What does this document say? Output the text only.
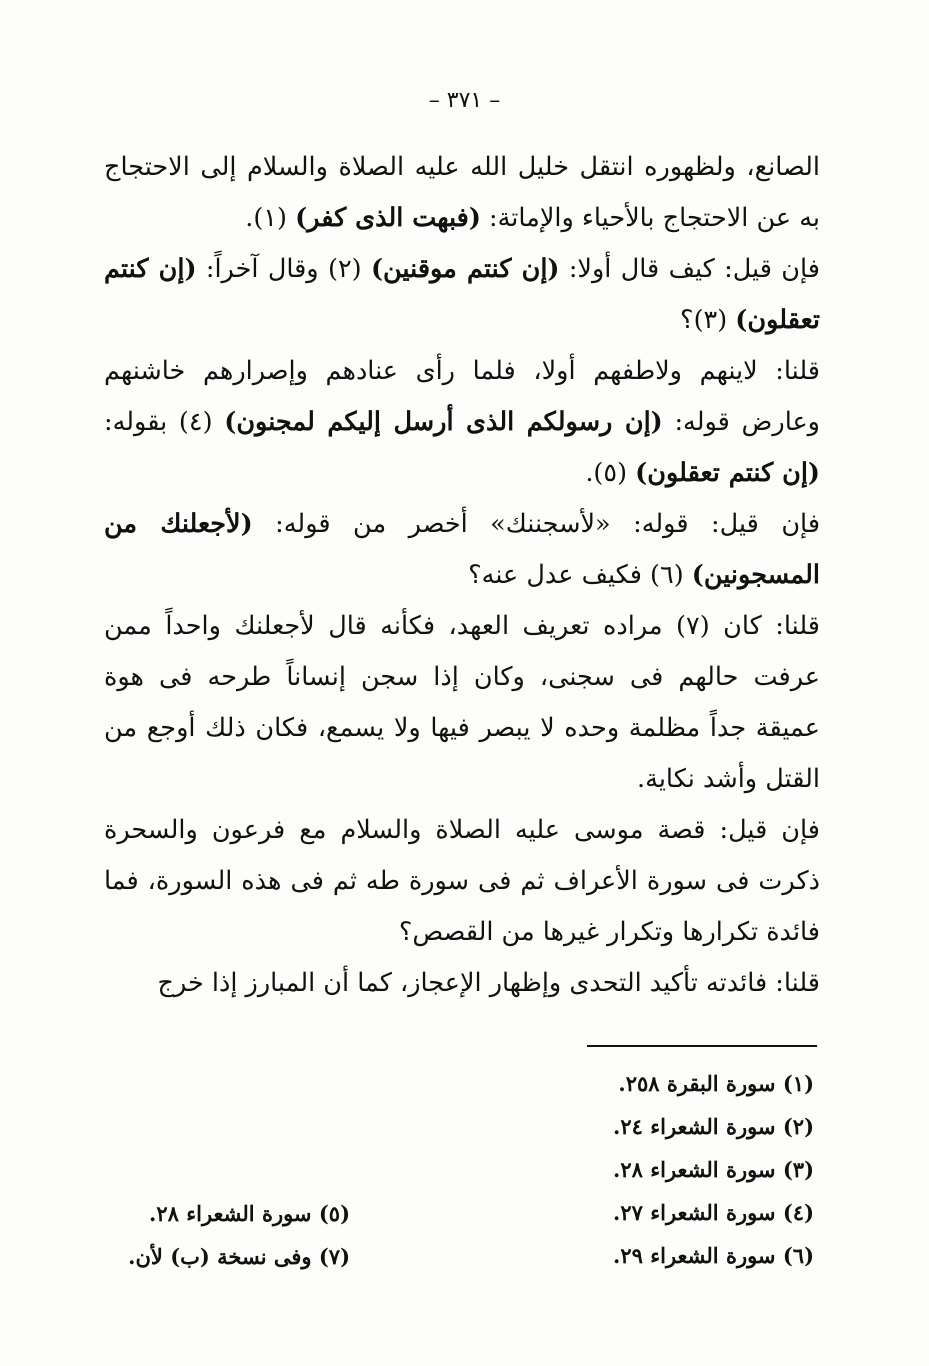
– ٣٧١ –

الصانع، ولظهوره انتقل خليل الله عليه الصلاة والسلام إلى الاحتجاج به عن الاحتجاج بالأحياء والإماتة: (فبهت الذى كفر) (١).

فإن قيل: كيف قال أولا: (إن كنتم موقنين) (٢) وقال آخراً: (إن كنتم تعقلون) (٣)؟

قلنا: لاينهم ولاطفهم أولا، فلما رأى عنادهم وإصرارهم خاشنهم وعارض قوله: (إن رسولكم الذى أرسل إليكم لمجنون) (٤) بقوله: (إن كنتم تعقلون) (٥).

فإن قيل: قوله: «لأسجننك» أخصر من قوله: (لأجعلنك من المسجونين) (٦) فكيف عدل عنه؟

قلنا: كان (٧) مراده تعريف العهد، فكأنه قال لأجعلنك واحداً ممن عرفت حالهم فى سجنى، وكان إذا سجن إنساناً طرحه فى هوة عميقة جداً مظلمة وحده لا يبصر فيها ولا يسمع، فكان ذلك أوجع من القتل وأشد نكاية.

فإن قيل: قصة موسى عليه الصلاة والسلام مع فرعون والسحرة ذكرت فى سورة الأعراف ثم فى سورة طه ثم فى هذه السورة، فما فائدة تكرارها وتكرار غيرها من القصص؟

قلنا: فائدته تأكيد التحدى وإظهار الإعجاز، كما أن المبارز إذا خرج

(١) سورة البقرة ٢٥٨.
(٢) سورة الشعراء ٢٤.
(٣) سورة الشعراء ٢٨.
(٤) سورة الشعراء ٢٧.
(٦) سورة الشعراء ٢٩.
(٥) سورة الشعراء ٢٨.
(٧) وفى نسخة (ب) لأن.
